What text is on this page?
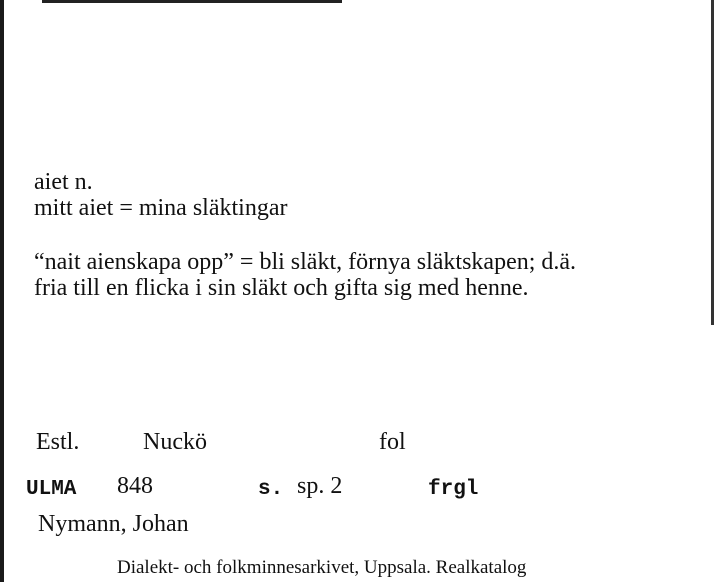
aiet n.
mitt aiet = mina släktingar
“nait aienskapa opp” = bli släkt, förnya släktskapen; d.ä.
fria till en flicka i sin släkt och gifta sig med henne.
Estl.	Nuckö	fol
ULMA 848	s. sp. 2	frgl
Nymann, Johan
Dialekt- och folkminnesarkivet, Uppsala. Realkatalog
